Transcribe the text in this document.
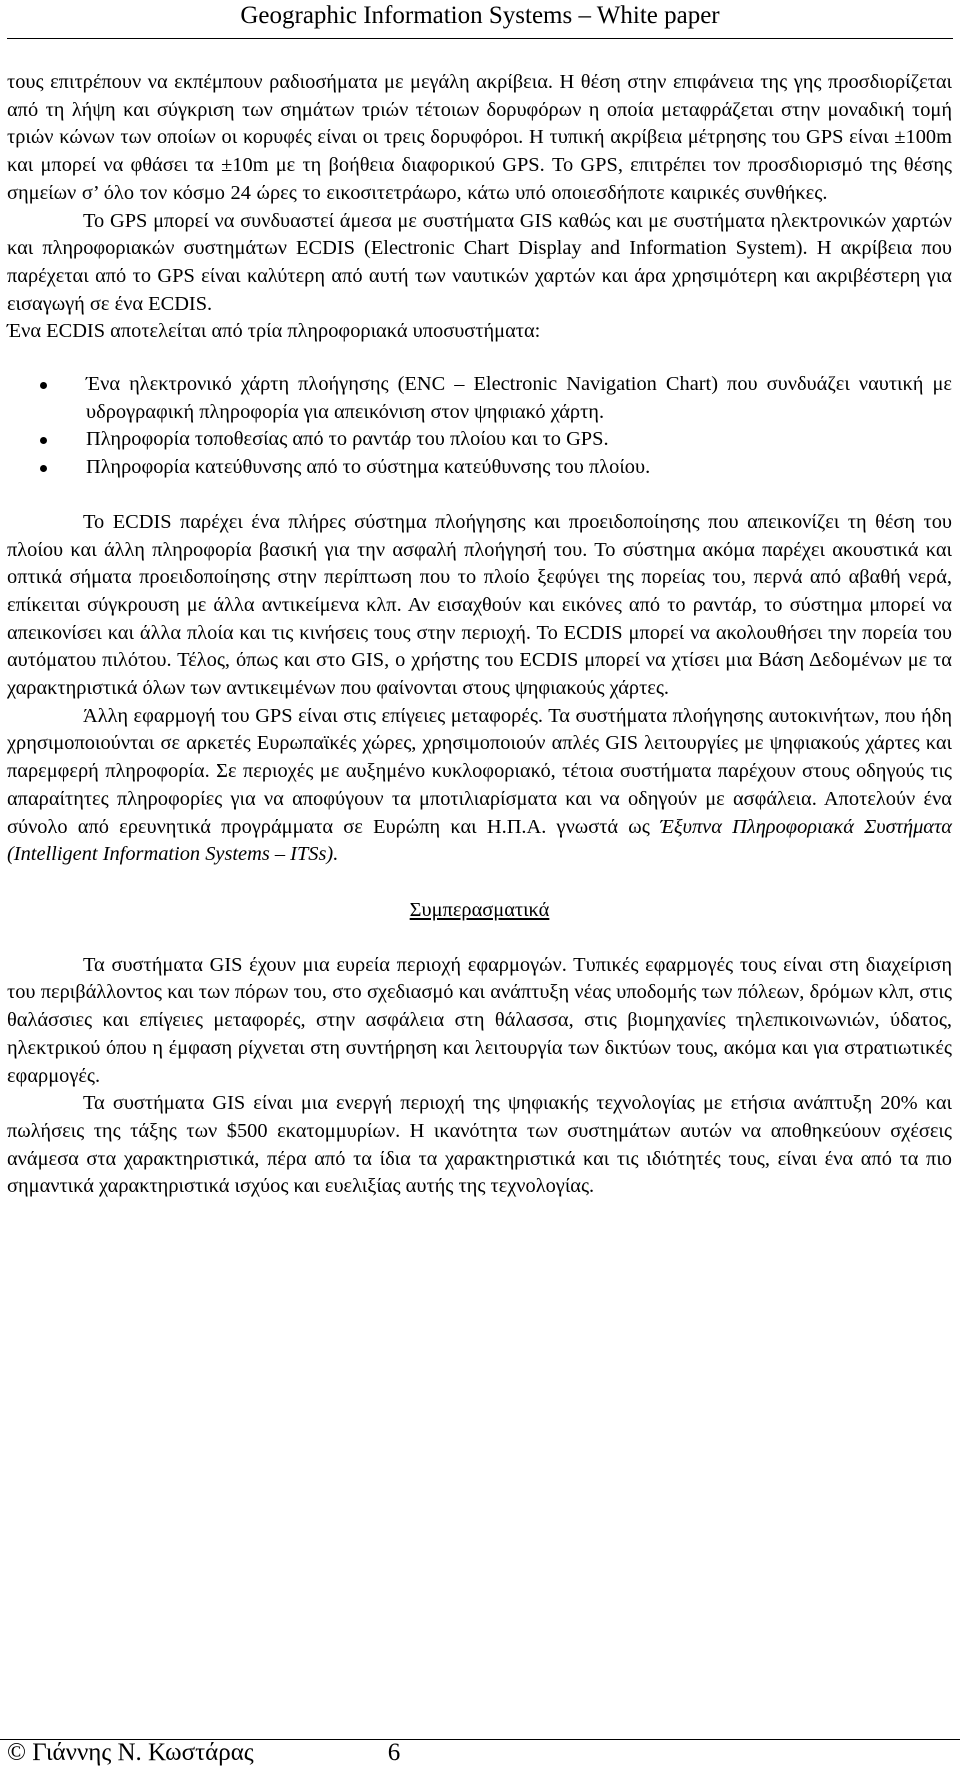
Geographic Information Systems – White paper

τους επιτρέπουν να εκπέμπουν ραδιοσήματα με μεγάλη ακρίβεια. Η θέση στην επιφάνεια της γης προσδιορίζεται από τη λήψη και σύγκριση των σημάτων τριών τέτοιων δορυφόρων η οποία μεταφράζεται στην μοναδική τομή τριών κώνων των οποίων οι κορυφές είναι οι τρεις δορυφόροι. Η τυπική ακρίβεια μέτρησης του GPS είναι ±100m και μπορεί να φθάσει τα ±10m με τη βοήθεια διαφορικού GPS. Το GPS, επιτρέπει τον προσδιορισμό της θέσης σημείων σ’ όλο τον κόσμο 24 ώρες το εικοσιτετράωρο, κάτω υπό οποιεσδήποτε καιρικές συνθήκες.

Το GPS μπορεί να συνδυαστεί άμεσα με συστήματα GIS καθώς και με συστήματα ηλεκτρονικών χαρτών και πληροφοριακών συστημάτων ECDIS (Electronic Chart Display and Information System). Η ακρίβεια που παρέχεται από το GPS είναι καλύτερη από αυτή των ναυτικών χαρτών και άρα χρησιμότερη και ακριβέστερη για εισαγωγή σε ένα ECDIS.

Ένα ECDIS αποτελείται από τρία πληροφοριακά υποσυστήματα:

Ένα ηλεκτρονικό χάρτη πλοήγησης (ENC – Electronic Navigation Chart) που συνδυάζει ναυτική με υδρογραφική πληροφορία για απεικόνιση στον ψηφιακό χάρτη.
Πληροφορία τοποθεσίας από το ραντάρ του πλοίου και το GPS.
Πληροφορία κατεύθυνσης από το σύστημα κατεύθυνσης του πλοίου.

Το ECDIS παρέχει ένα πλήρες σύστημα πλοήγησης και προειδοποίησης που απεικονίζει τη θέση του πλοίου και άλλη πληροφορία βασική για την ασφαλή πλοήγησή του. Το σύστημα ακόμα παρέχει ακουστικά και οπτικά σήματα προειδοποίησης στην περίπτωση που το πλοίο ξεφύγει της πορείας του, περνά από αβαθή νερά, επίκειται σύγκρουση με άλλα αντικείμενα κλπ. Αν εισαχθούν και εικόνες από το ραντάρ, το σύστημα μπορεί να απεικονίσει και άλλα πλοία και τις κινήσεις τους στην περιοχή. Το ECDIS μπορεί να ακολουθήσει την πορεία του αυτόματου πιλότου. Τέλος, όπως και στο GIS, ο χρήστης του ECDIS μπορεί να χτίσει μια Βάση Δεδομένων με τα χαρακτηριστικά όλων των αντικειμένων που φαίνονται στους ψηφιακούς χάρτες.

Άλλη εφαρμογή του GPS είναι στις επίγειες μεταφορές. Τα συστήματα πλοήγησης αυτοκινήτων, που ήδη χρησιμοποιούνται σε αρκετές Ευρωπαϊκές χώρες, χρησιμοποιούν απλές GIS λειτουργίες με ψηφιακούς χάρτες και παρεμφερή πληροφορία. Σε περιοχές με αυξημένο κυκλοφοριακό, τέτοια συστήματα παρέχουν στους οδηγούς τις απαραίτητες πληροφορίες για να αποφύγουν τα μποτιλιαρίσματα και να οδηγούν με ασφάλεια. Αποτελούν ένα σύνολο από ερευνητικά προγράμματα σε Ευρώπη και Η.Π.Α. γνωστά ως Έξυπνα Πληροφοριακά Συστήματα (Intelligent Information Systems – ITSs).

Συμπερασματικά

Τα συστήματα GIS έχουν μια ευρεία περιοχή εφαρμογών. Τυπικές εφαρμογές τους είναι στη διαχείριση του περιβάλλοντος και των πόρων του, στο σχεδιασμό και ανάπτυξη νέας υποδομής των πόλεων, δρόμων κλπ, στις θαλάσσιες και επίγειες μεταφορές, στην ασφάλεια στη θάλασσα, στις βιομηχανίες τηλεπικοινωνιών, ύδατος, ηλεκτρικού όπου η έμφαση ρίχνεται στη συντήρηση και λειτουργία των δικτύων τους, ακόμα και για στρατιωτικές εφαρμογές.

Τα συστήματα GIS είναι μια ενεργή περιοχή της ψηφιακής τεχνολογίας με ετήσια ανάπτυξη 20% και πωλήσεις της τάξης των $500 εκατομμυρίων. Η ικανότητα των συστημάτων αυτών να αποθηκεύουν σχέσεις ανάμεσα στα χαρακτηριστικά, πέρα από τα ίδια τα χαρακτηριστικά και τις ιδιότητές τους, είναι ένα από τα πιο σημαντικά χαρακτηριστικά ισχύος και ευελιξίας αυτής της τεχνολογίας.

© Γιάννης Ν. Κωστάρας	6
